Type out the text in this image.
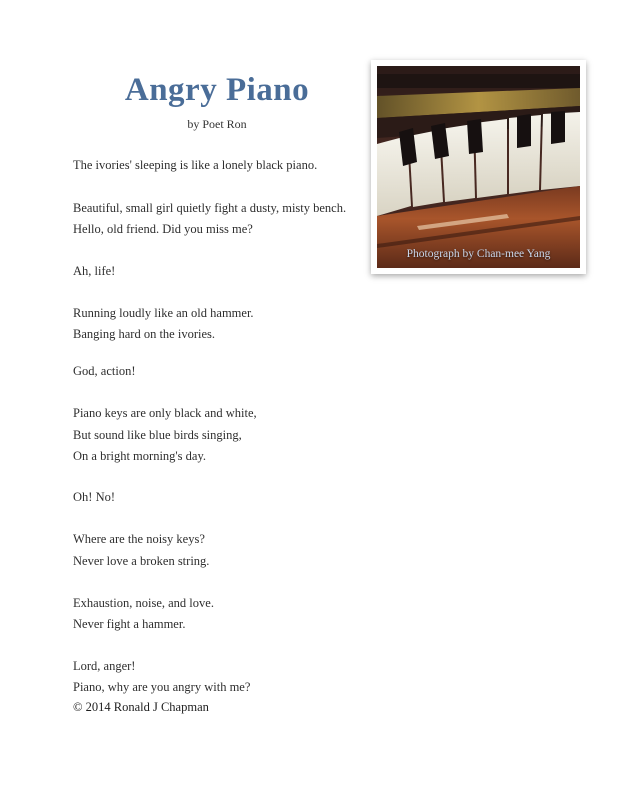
Angry Piano
by Poet Ron
The ivories' sleeping is like a lonely black piano.
Beautiful, small girl quietly fight a dusty, misty bench.
Hello, old friend. Did you miss me?
Ah, life!
Running loudly like an old hammer.
Banging hard on the ivories.
God, action!
Piano keys are only black and white,
But sound like blue birds singing,
On a bright morning's day.
Oh! No!
Where are the noisy keys?
Never love a broken string.
Exhaustion, noise, and love.
Never fight a hammer.
Lord, anger!
Piano, why are you angry with me?
© 2014 Ronald J Chapman
Photograph by Chan-mee Yang
